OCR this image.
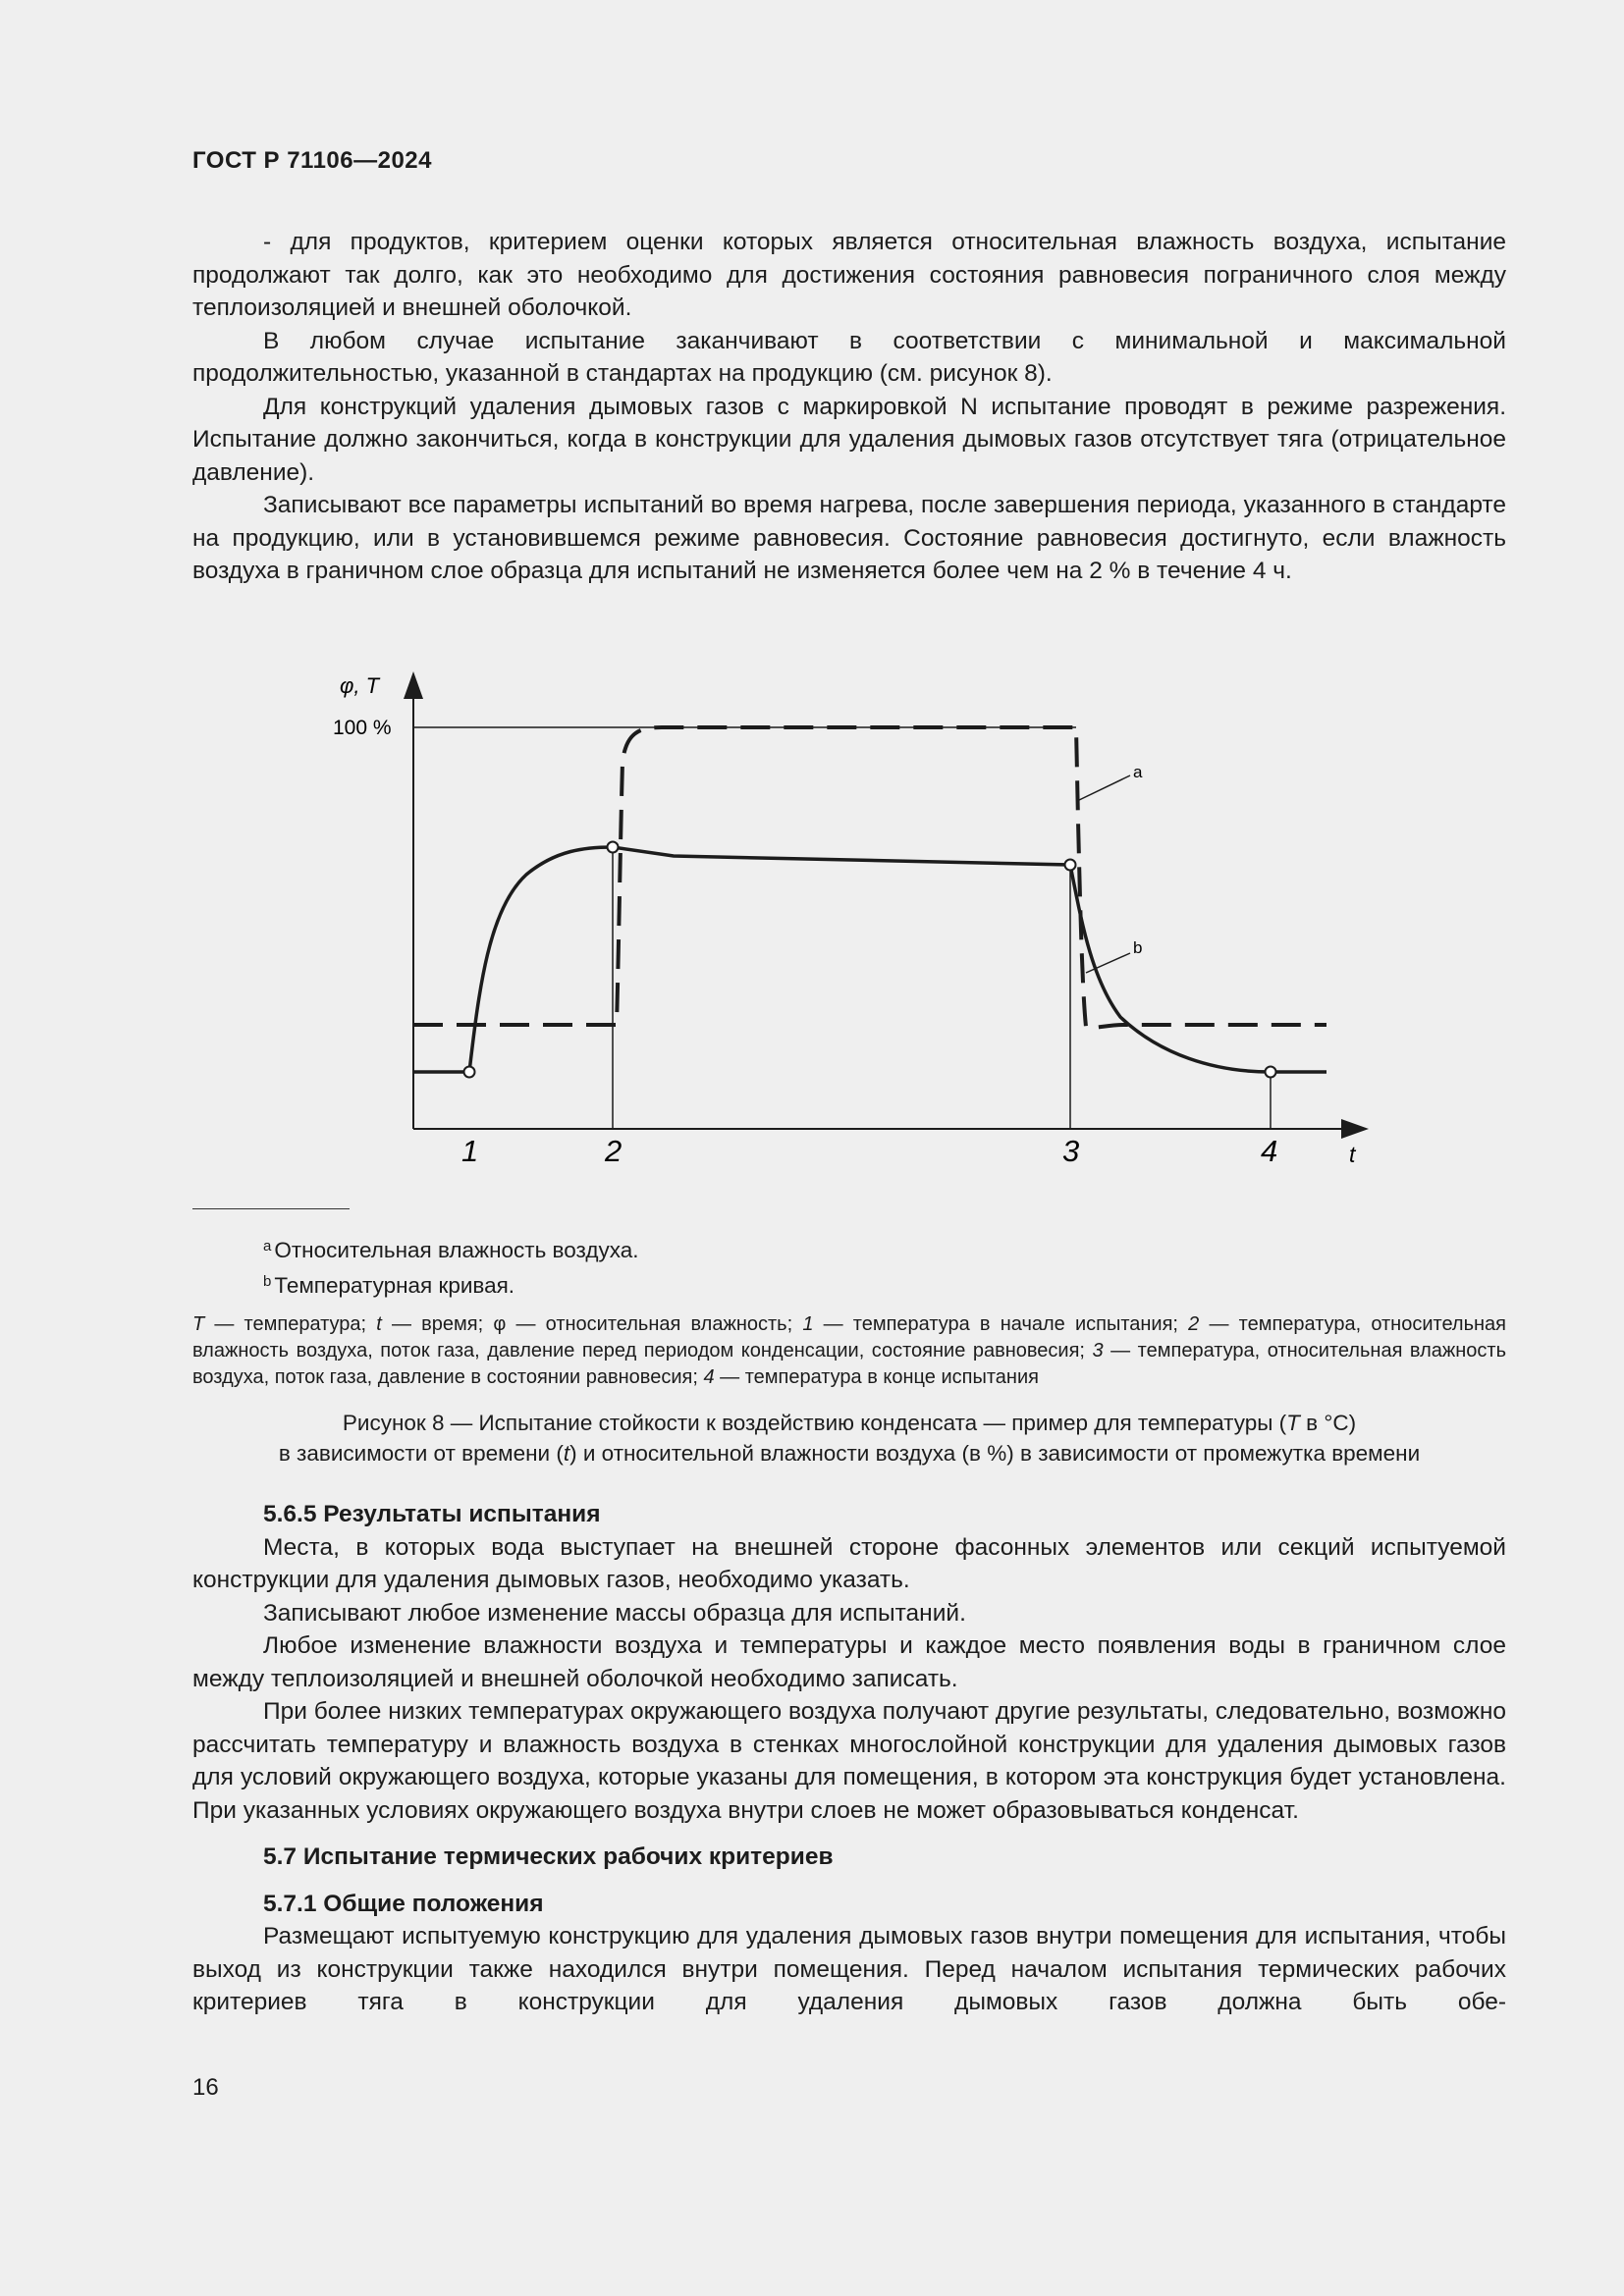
ГОСТ Р 71106—2024

- для продуктов, критерием оценки которых является относительная влажность воздуха, испытание продолжают так долго, как это необходимо для достижения состояния равновесия пограничного слоя между теплоизоляцией и внешней оболочкой.

В любом случае испытание заканчивают в соответствии с минимальной и максимальной продолжительностью, указанной в стандартах на продукцию (см. рисунок 8).

Для конструкций удаления дымовых газов с маркировкой N испытание проводят в режиме разрежения. Испытание должно закончиться, когда в конструкции для удаления дымовых газов отсутствует тяга (отрицательное давление).

Записывают все параметры испытаний во время нагрева, после завершения периода, указанного в стандарте на продукцию, или в установившемся режиме равновесия. Состояние равновесия достигнуто, если влажность воздуха в граничном слое образца для испытаний не изменяется более чем на 2 % в течение 4 ч.

φ, T
100 %
t
1	2	3	4
a
b
$^a$ Относительная влажность воздуха.
$^b$ Температурная кривая.
T — температура; t — время; φ — относительная влажность; 1 — температура в начале испытания; 2 — температура, относительная влажность воздуха, поток газа, давление перед периодом конденсации, состояние равновесия; 3 — температура, относительная влажность воздуха, поток газа, давление в состоянии равновесия; 4 — температура в конце испытания
Рисунок 8 — Испытание стойкости к воздействию конденсата — пример для температуры (T в °C)
в зависимости от времени (t) и относительной влажности воздуха (в %) в зависимости от промежутка времени
5.6.5 Результаты испытания

Места, в которых вода выступает на внешней стороне фасонных элементов или секций испытуемой конструкции для удаления дымовых газов, необходимо указать.

Записывают любое изменение массы образца для испытаний.

Любое изменение влажности воздуха и температуры и каждое место появления воды в граничном слое между теплоизоляцией и внешней оболочкой необходимо записать.

При более низких температурах окружающего воздуха получают другие результаты, следовательно, возможно рассчитать температуру и влажность воздуха в стенках многослойной конструкции для удаления дымовых газов для условий окружающего воздуха, которые указаны для помещения, в котором эта конструкция будет установлена. При указанных условиях окружающего воздуха внутри слоев не может образовываться конденсат.

5.7 Испытание термических рабочих критериев
5.7.1 Общие положения

Размещают испытуемую конструкцию для удаления дымовых газов внутри помещения для испытания, чтобы выход из конструкции также находился внутри помещения. Перед началом испытания термических рабочих критериев тяга в конструкции для удаления дымовых газов должна быть обе-

16
